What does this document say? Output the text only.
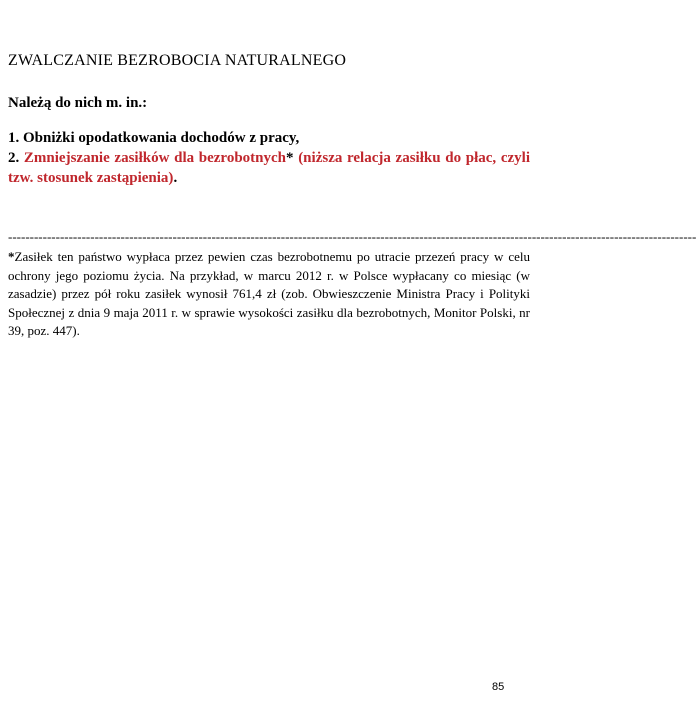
ZWALCZANIE BEZROBOCIA NATURALNEGO
Należą do nich m. in.:
1. Obniżki opodatkowania dochodów z pracy,
2. Zmniejszanie zasiłków dla bezrobotnych* (niższa relacja zasiłku do płac, czyli tzw. stosunek zastąpienia).
---------------------------------------------------------------------------------------------------------------------------------------------------------------
*Zasiłek ten państwo wypłaca przez pewien czas bezrobotnemu po utracie przezeń pracy w celu ochrony jego poziomu życia. Na przykład, w marcu 2012 r. w Polsce wypłacany co miesiąc (w zasadzie) przez pół roku zasiłek wynosił 761,4 zł (zob. Obwieszczenie Ministra Pracy i Polityki Społecznej z dnia 9 maja 2011 r. w sprawie wysokości zasiłku dla bezrobotnych, Monitor Polski, nr 39, poz. 447).
85
